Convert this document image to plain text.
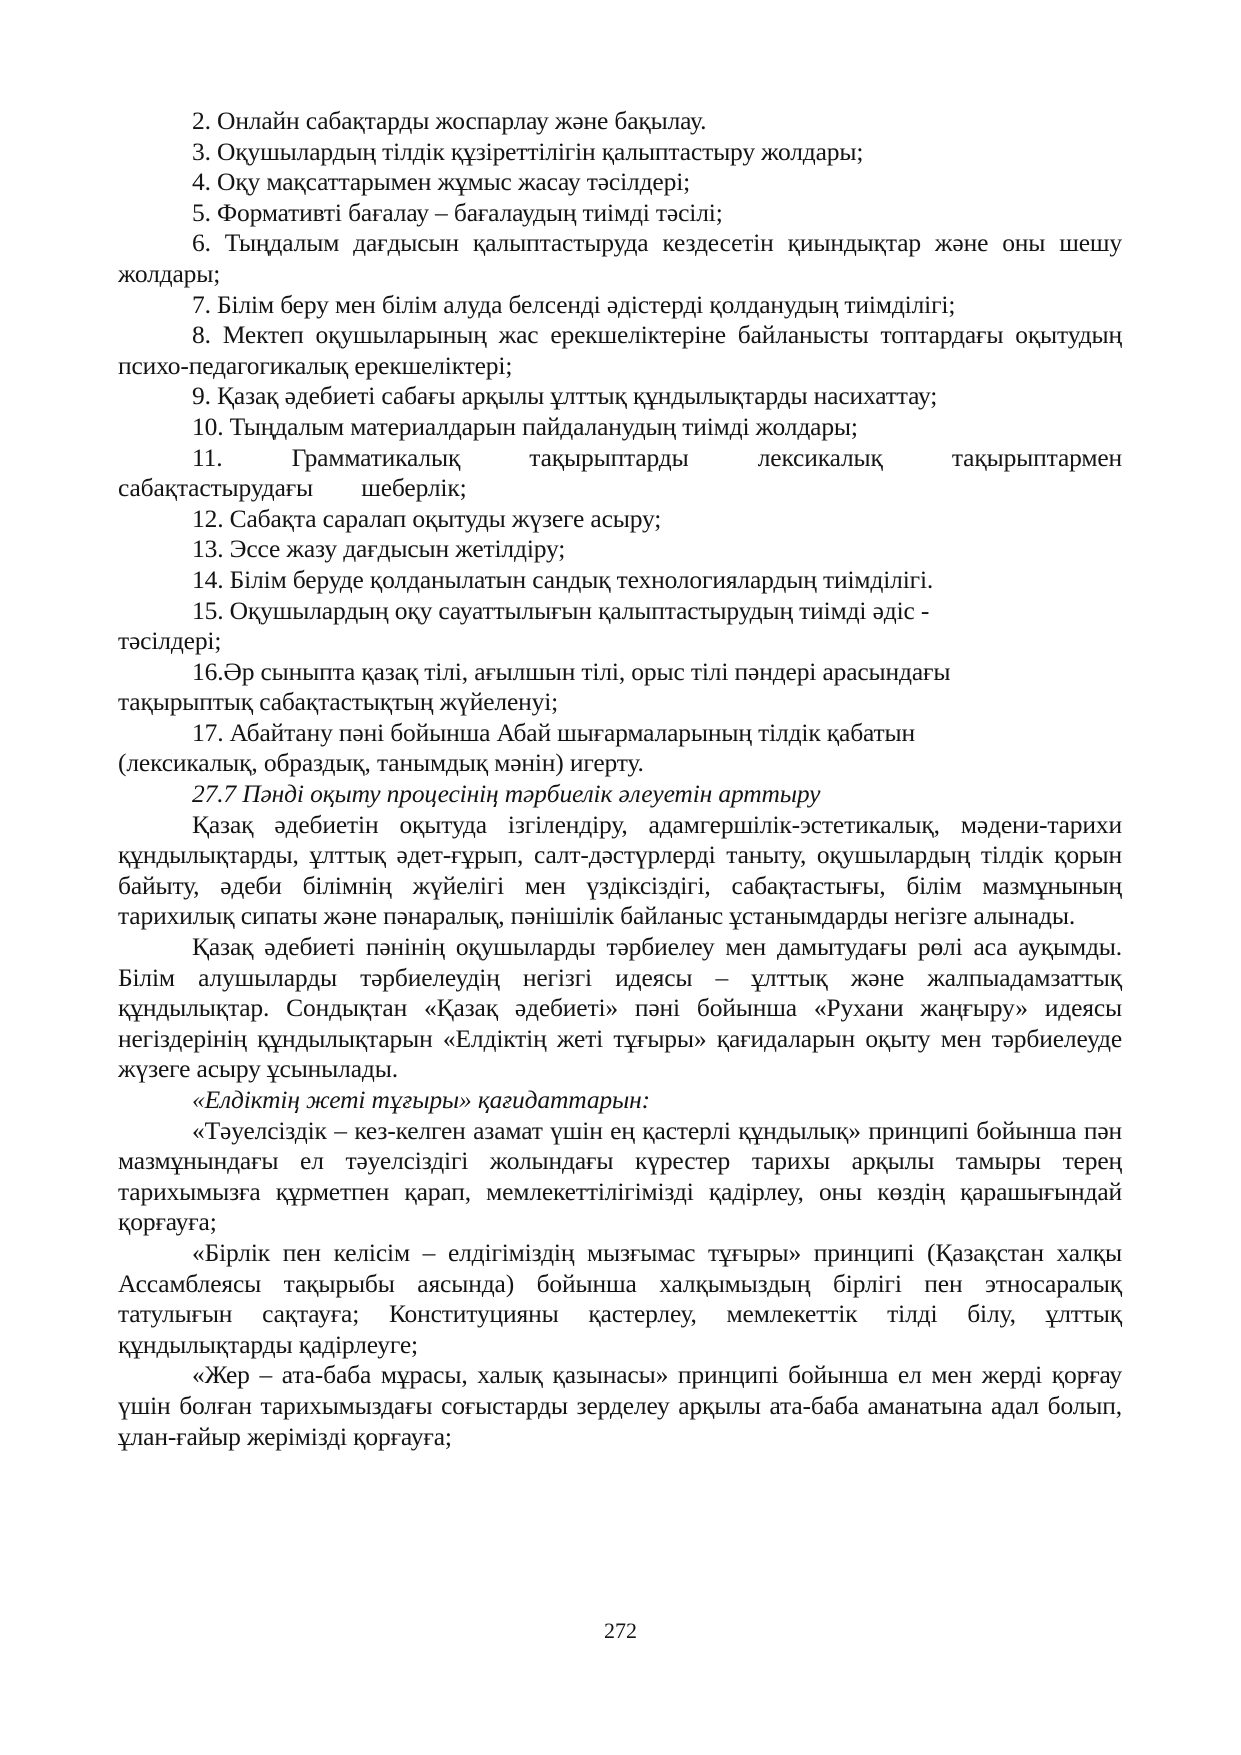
2. Онлайн сабақтарды жоспарлау және бақылау.

3. Оқушылардың тілдік құзіреттілігін қалыптастыру жолдары;

4. Оқу мақсаттарымен жұмыс жасау тәсілдері;

5. Формативті бағалау – бағалаудың тиімді тәсілі;

6. Тыңдалым дағдысын қалыптастыруда кездесетін қиындықтар және оны шешу жолдары;

7. Білім беру мен білім алуда белсенді әдістерді қолданудың тиімділігі;

8. Мектеп оқушыларының жас ерекшеліктеріне байланысты топтардағы оқытудың психо-педагогикалық ерекшеліктері;

9. Қазақ әдебиеті сабағы арқылы ұлттық құндылықтарды насихаттау;

10. Тыңдалым материалдарын пайдаланудың тиімді жолдары;

11. Грамматикалық тақырыптарды лексикалық тақырыптармен сабақтастырудағы шеберлік;

12. Сабақта саралап оқытуды жүзеге асыру;

13. Эссе жазу дағдысын жетілдіру;

14. Білім беруде қолданылатын сандық технологиялардың тиімділігі.

15. Оқушылардың оқу сауаттылығын қалыптастырудың тиімді әдіс - тәсілдері;

16.Әр сыныпта қазақ тілі, ағылшын тілі, орыс тілі пәндері арасындағы тақырыптық сабақтастықтың жүйеленуі;

17. Абайтану пәні бойынша Абай шығармаларының тілдік қабатын (лексикалық, образдық, танымдық мәнін) игерту.

27.7 Пәнді оқыту процесінің тәрбиелік әлеуетін арттыру

Қазақ әдебиетін оқытуда ізгілендіру, адамгершілік-эстетикалық, мәдени-тарихи құндылықтарды, ұлттық әдет-ғұрып, салт-дәстүрлерді таныту, оқушылардың тілдік қорын байыту, әдеби білімнің жүйелігі мен үздіксіздігі, сабақтастығы, білім мазмұнының тарихилық сипаты және пәнаралық, пәнішілік байланыс ұстанымдарды негізге алынады.

Қазақ әдебиеті пәнінің оқушыларды тәрбиелеу мен дамытудағы рөлі аса ауқымды. Білім алушыларды тәрбиелеудің негізгі идеясы – ұлттық және жалпыадамзаттық құндылықтар. Сондықтан «Қазақ әдебиеті» пәні бойынша «Рухани жаңғыру» идеясы негіздерінің құндылықтарын «Елдіктің жеті тұғыры» қағидаларын оқыту мен тәрбиелеуде жүзеге асыру ұсынылады.

«Елдіктің жеті тұғыры» қағидаттарын:

«Тәуелсіздік – кез-келген азамат үшін ең қастерлі құндылық» принципі бойынша пән мазмұнындағы ел тәуелсіздігі жолындағы күрестер тарихы арқылы тамыры терең тарихымызға құрметпен қарап, мемлекеттілігімізді қадірлеу, оны көздің қарашығындай қорғауға;

«Бірлік пен келісім – елдігіміздің мызғымас тұғыры» принципі (Қазақстан халқы Ассамблеясы тақырыбы аясында) бойынша халқымыздың бірлігі пен этносаралық татулығын сақтауға; Конституцияны қастерлеу, мемлекеттік тілді білу, ұлттық құндылықтарды қадірлеуге;

«Жер – ата-баба мұрасы, халық қазынасы» принципі бойынша ел мен жерді қорғау үшін болған тарихымыздағы соғыстарды зерделеу арқылы ата-баба аманатына адал болып, ұлан-ғайыр жерімізді қорғауға;

272
